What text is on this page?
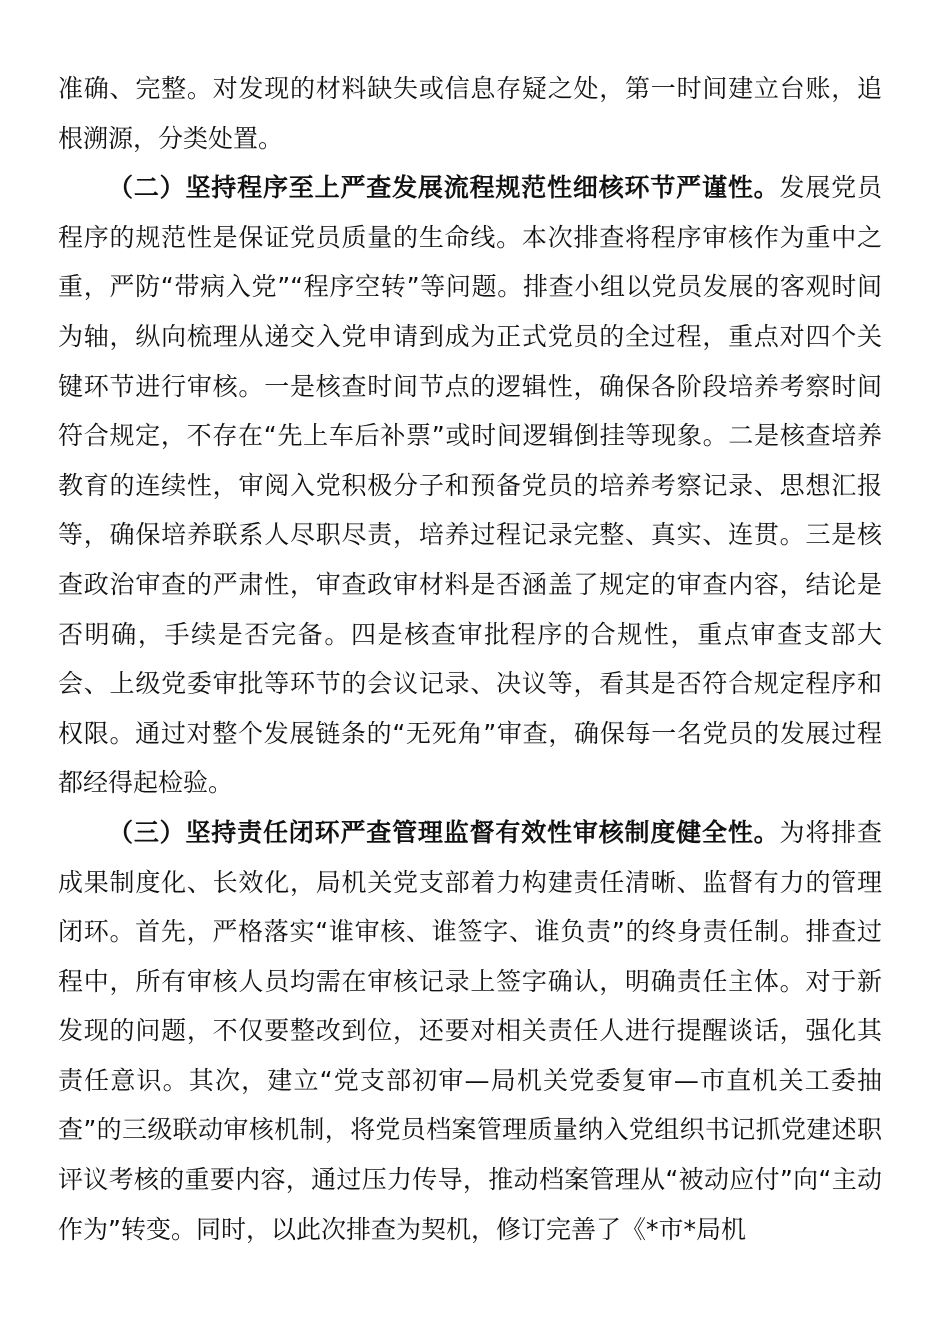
准确、完整。对发现的材料缺失或信息存疑之处，第一时间建立台账，追根溯源，分类处置。

（二）坚持程序至上严查发展流程规范性细核环节严谨性。发展党员程序的规范性是保证党员质量的生命线。本次排查将程序审核作为重中之重，严防“带病入党”“程序空转”等问题。排查小组以党员发展的客观时间为轴，纵向梳理从递交入党申请到成为正式党员的全过程，重点对四个关键环节进行审核。一是核查时间节点的逻辑性，确保各阶段培养考察时间符合规定，不存在“先上车后补票”或时间逻辑倒挂等现象。二是核查培养教育的连续性，审阅入党积极分子和预备党员的培养考察记录、思想汇报等，确保培养联系人尽职尽责，培养过程记录完整、真实、连贯。三是核查政治审查的严肃性，审查政审材料是否涵盖了规定的审查内容，结论是否明确，手续是否完备。四是核查审批程序的合规性，重点审查支部大会、上级党委审批等环节的会议记录、决议等，看其是否符合规定程序和权限。通过对整个发展链条的“无死角”审查，确保每一名党员的发展过程都经得起检验。

（三）坚持责任闭环严查管理监督有效性审核制度健全性。为将排查成果制度化、长效化，局机关党支部着力构建责任清晰、监督有力的管理闭环。首先，严格落实“谁审核、谁签字、谁负责”的终身责任制。排查过程中，所有审核人员均需在审核记录上签字确认，明确责任主体。对于新发现的问题，不仅要整改到位，还要对相关责任人进行提醒谈话，强化其责任意识。其次，建立“党支部初审—局机关党委复审—市直机关工委抽查”的三级联动审核机制，将党员档案管理质量纳入党组织书记抓党建述职评议考核的重要内容，通过压力传导，推动档案管理从“被动应付”向“主动作为”转变。同时，以此次排查为契机，修订完善了《*市*局机
